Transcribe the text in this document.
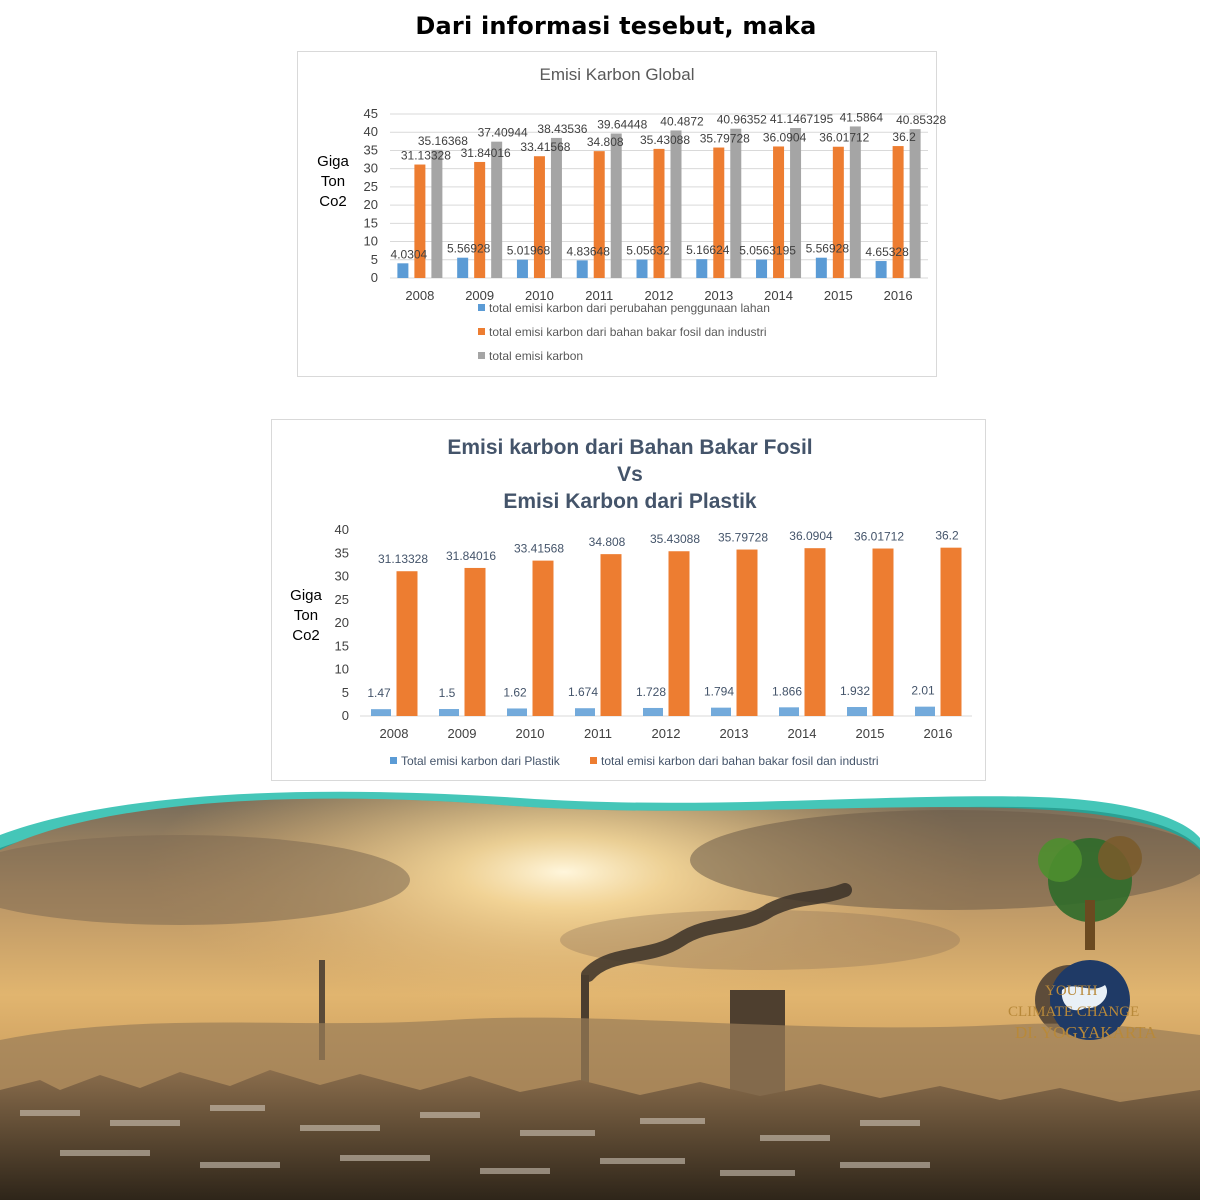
Dari informasi tesebut, maka
Emisi Karbon Global
Giga Ton Co2
0
5
10
15
20
25
30
35
40
45
4.0304
31.13328
35.16368
2008
5.56928
31.84016
37.40944
2009
5.01968
33.41568
38.43536
2010
4.83648
34.808
39.64448
2011
5.05632
35.43088
40.4872
2012
5.16624
35.79728
40.96352
2013
5.0563195
36.0904
41.1467195
2014
5.56928
36.01712
41.5864
2015
4.65328
36.2
40.85328
2016
total emisi karbon dari perubahan penggunaan lahan
total emisi karbon dari bahan bakar fosil dan industri
total emisi karbon
Emisi karbon dari Bahan Bakar Fosil
Vs
Emisi Karbon dari Plastik
Giga Ton Co2
0
5
10
15
20
25
30
35
40
1.47
31.13328
2008
1.5
31.84016
2009
1.62
33.41568
2010
1.674
34.808
2011
1.728
35.43088
2012
1.794
35.79728
2013
1.866
36.0904
2014
1.932
36.01712
2015
2.01
36.2
2016
Total emisi karbon dari Plastik	total emisi karbon dari bahan bakar fosil dan industri
YOUTH
CLIMATE CHANGE
DI. YOGYAKARTA
